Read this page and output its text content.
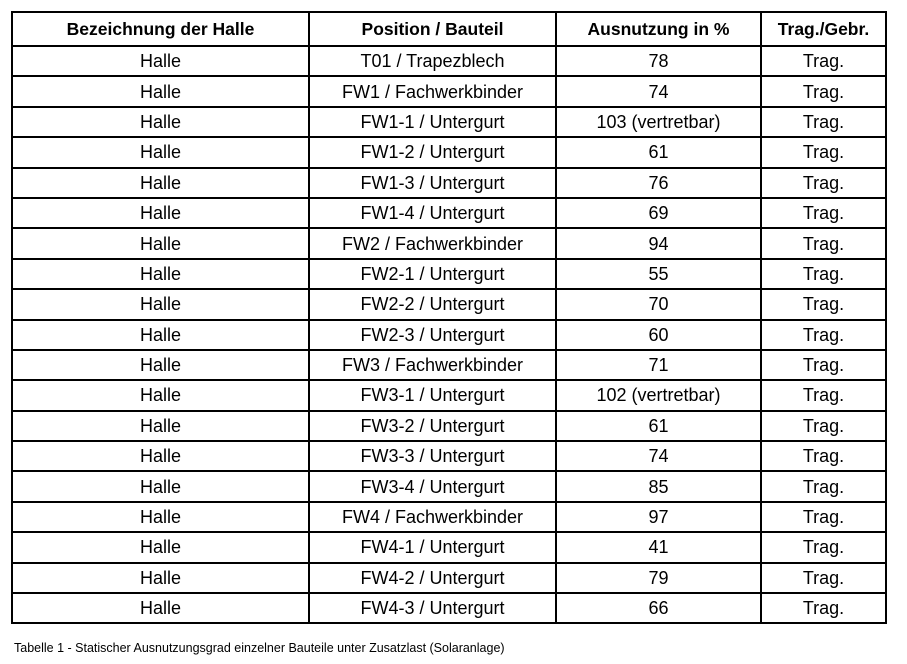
Bezeichnung der Halle	Position / Bauteil	Ausnutzung in %	Trag./Gebr.
Halle	T01 / Trapezblech	78	Trag.
Halle	FW1 / Fachwerkbinder	74	Trag.
Halle	FW1-1 / Untergurt	103 (vertretbar)	Trag.
Halle	FW1-2 / Untergurt	61	Trag.
Halle	FW1-3 / Untergurt	76	Trag.
Halle	FW1-4 / Untergurt	69	Trag.
Halle	FW2 / Fachwerkbinder	94	Trag.
Halle	FW2-1 / Untergurt	55	Trag.
Halle	FW2-2 / Untergurt	70	Trag.
Halle	FW2-3 / Untergurt	60	Trag.
Halle	FW3 / Fachwerkbinder	71	Trag.
Halle	FW3-1 / Untergurt	102 (vertretbar)	Trag.
Halle	FW3-2 / Untergurt	61	Trag.
Halle	FW3-3 / Untergurt	74	Trag.
Halle	FW3-4 / Untergurt	85	Trag.
Halle	FW4 / Fachwerkbinder	97	Trag.
Halle	FW4-1 / Untergurt	41	Trag.
Halle	FW4-2 / Untergurt	79	Trag.
Halle	FW4-3 / Untergurt	66	Trag.
Tabelle 1 - Statischer Ausnutzungsgrad einzelner Bauteile unter Zusatzlast (Solaranlage)
